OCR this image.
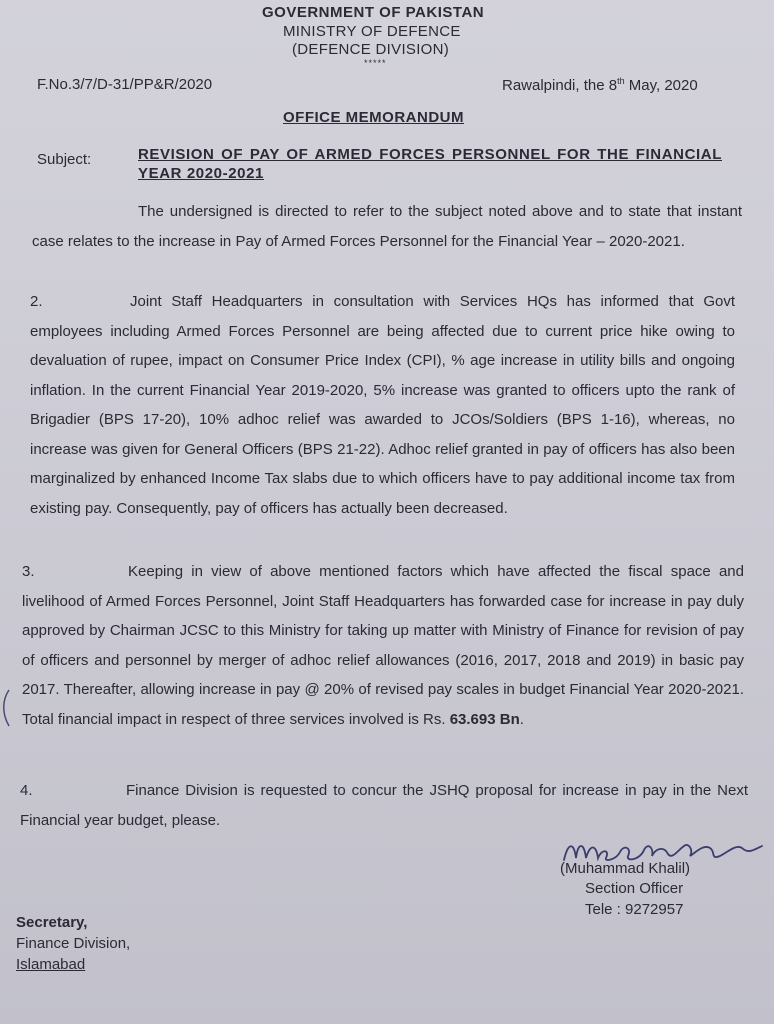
GOVERNMENT OF PAKISTAN
MINISTRY OF DEFENCE
(DEFENCE DIVISION)
*****
F.No.3/7/D-31/PP&R/2020	Rawalpindi, the 8th May, 2020
OFFICE MEMORANDUM
Subject:	REVISION OF PAY OF ARMED FORCES PERSONNEL FOR THE FINANCIAL YEAR 2020-2021
The undersigned is directed to refer to the subject noted above and to state that instant case relates to the increase in Pay of Armed Forces Personnel for the Financial Year – 2020-2021.
2.	Joint Staff Headquarters in consultation with Services HQs has informed that Govt employees including Armed Forces Personnel are being affected due to current price hike owing to devaluation of rupee, impact on Consumer Price Index (CPI), % age increase in utility bills and ongoing inflation. In the current Financial Year 2019-2020, 5% increase was granted to officers upto the rank of Brigadier (BPS 17-20), 10% adhoc relief was awarded to JCOs/Soldiers (BPS 1-16), whereas, no increase was given for General Officers (BPS 21-22). Adhoc relief granted in pay of officers has also been marginalized by enhanced Income Tax slabs due to which officers have to pay additional income tax from existing pay. Consequently, pay of officers has actually been decreased.
3.	Keeping in view of above mentioned factors which have affected the fiscal space and livelihood of Armed Forces Personnel, Joint Staff Headquarters has forwarded case for increase in pay duly approved by Chairman JCSC to this Ministry for taking up matter with Ministry of Finance for revision of pay of officers and personnel by merger of adhoc relief allowances (2016, 2017, 2018 and 2019) in basic pay 2017. Thereafter, allowing increase in pay @ 20% of revised pay scales in budget Financial Year 2020-2021. Total financial impact in respect of three services involved is Rs. 63.693 Bn.
4.	Finance Division is requested to concur the JSHQ proposal for increase in pay in the Next Financial year budget, please.
(Muhammad Khalil)
Section Officer
Tele : 9272957
Secretary,
Finance Division,
Islamabad
